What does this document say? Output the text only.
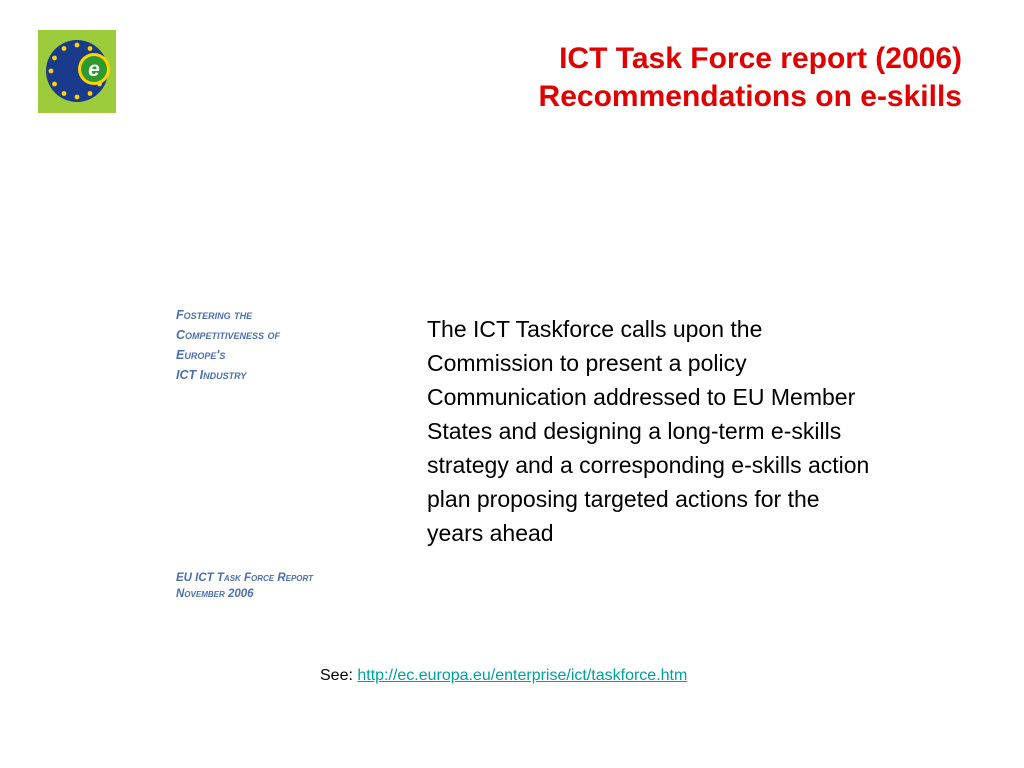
e	ICT Task Force report (2006)
Recommendations on e-skills
Fostering the
Competitiveness of
Europe's
ICT Industry
EU ICT Task Force Report
November 2006
The ICT Taskforce calls upon the
Commission to present a policy
Communication addressed to EU Member
States and designing a long-term e-skills
strategy and a corresponding e-skills action
plan proposing targeted actions for the
years ahead
See: http://ec.europa.eu/enterprise/ict/taskforce.htm
